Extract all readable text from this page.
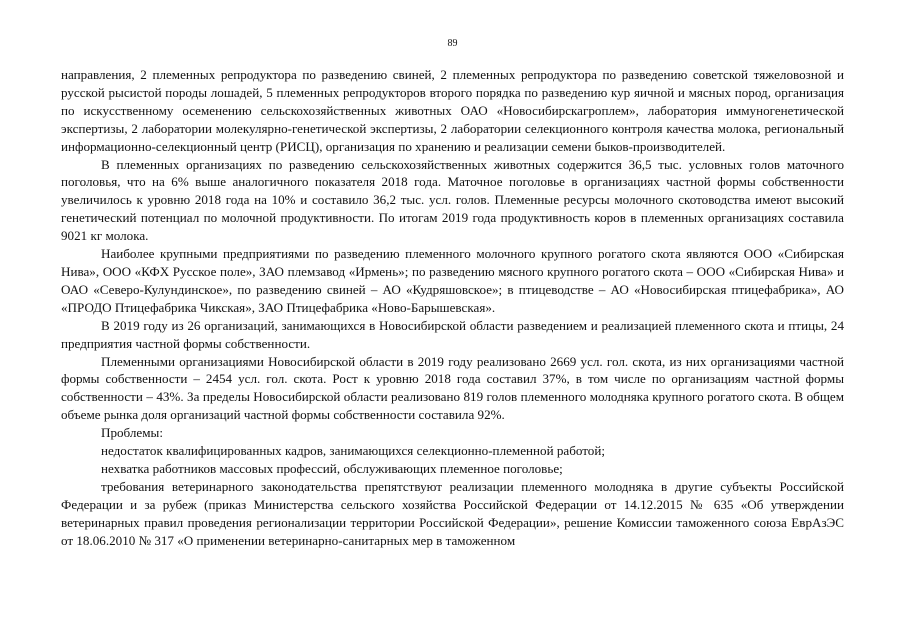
89

направления, 2 племенных репродуктора по разведению свиней, 2 племенных репродуктора по разведению советской тяжеловозной и русской рысистой породы лошадей, 5 племенных репродукторов второго порядка по разведению кур яичной и мясных пород, организация по искусственному осеменению сельскохозяйственных животных ОАО «Новосибирскагроплем», лаборатория иммуногенетической экспертизы, 2 лаборатории молекулярно-генетической экспертизы, 2 лаборатории селекционного контроля качества молока, региональный информационно-селекционный центр (РИСЦ), организация по хранению и реализации семени быков-производителей.

В племенных организациях по разведению сельскохозяйственных животных содержится 36,5 тыс. условных голов маточного поголовья, что на 6% выше аналогичного показателя 2018 года. Маточное поголовье в организациях частной формы собственности увеличилось к уровню 2018 года на 10% и составило 36,2 тыс. усл. голов. Племенные ресурсы молочного скотоводства имеют высокий генетический потенциал по молочной продуктивности. По итогам 2019 года продуктивность коров в племенных организациях составила 9021 кг молока.

Наиболее крупными предприятиями по разведению племенного молочного крупного рогатого скота являются ООО «Сибирская Нива», ООО «КФХ Русское поле», ЗАО племзавод «Ирмень»; по разведению мясного крупного рогатого скота – ООО «Сибирская Нива» и ОАО «Северо-Кулундинское», по разведению свиней – АО «Кудряшовское»; в птицеводстве – АО «Новосибирская птицефабрика», АО «ПРОДО Птицефабрика Чикская», ЗАО Птицефабрика «Ново-Барышевская».

В 2019 году из 26 организаций, занимающихся в Новосибирской области разведением и реализацией племенного скота и птицы, 24 предприятия частной формы собственности.

Племенными организациями Новосибирской области в 2019 году реализовано 2669 усл. гол. скота, из них организациями частной формы собственности – 2454 усл. гол. скота. Рост к уровню 2018 года составил 37%, в том числе по организациям частной формы собственности – 43%. За пределы Новосибирской области реализовано 819 голов племенного молодняка крупного рогатого скота. В общем объеме рынка доля организаций частной формы собственности составила 92%.

Проблемы:

недостаток квалифицированных кадров, занимающихся селекционно-племенной работой;

нехватка работников массовых профессий, обслуживающих племенное поголовье;

требования ветеринарного законодательства препятствуют реализации племенного молодняка в другие субъекты Российской Федерации и за рубеж (приказ Министерства сельского хозяйства Российской Федерации от 14.12.2015 № 635 «Об утверждении ветеринарных правил проведения регионализации территории Российской Федерации», решение Комиссии таможенного союза ЕврАзЭС от 18.06.2010 № 317 «О применении ветеринарно-санитарных мер в таможенном
